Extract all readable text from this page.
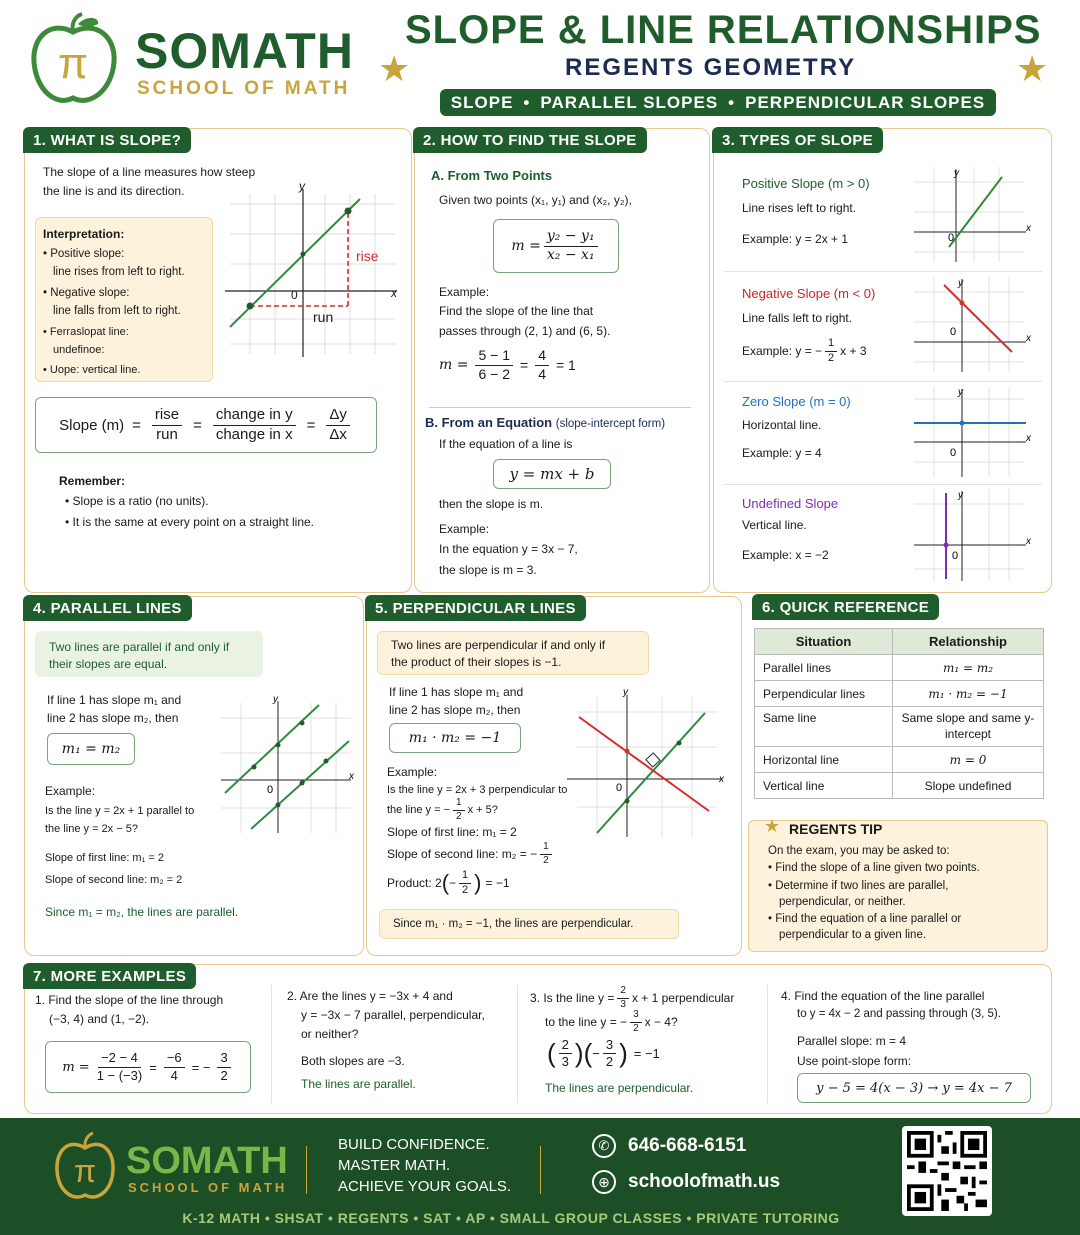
π SOMATH
SCHOOL OF MATH ★	★
SLOPE & LINE RELATIONSHIPS
REGENTS GEOMETRY
SLOPE • PARALLEL SLOPES • PERPENDICULAR SLOPES
1. WHAT IS SLOPE?
The slope of a line measures how steep
the line is and its direction.
Interpretation:
• Positive slope:
line rises from left to right.
• Negative slope:
line falls from left to right.
• Ferraslopat line:
undefinoe:
• Uope: vertical line.
y
x
0
rise
run
Slope $(m) = \frac{\text{rise}}{\text{run}} = \frac{\text{change in y}}{\text{change in x}} = \frac{\Delta y}{\Delta x}$
Remember:
• Slope is a ratio (no units).
• It is the same at every point on a straight line.
2. HOW TO FIND THE SLOPE
A. From Two Points
Given two points (x₁, y₁) and (x₂, y₂),
$m = \frac{\text{y₂ − y₁}}{\text{x₂ − x₁}}$
Example:
Find the slope of the line that
passes through (2, 1) and (6, 5).
$m = \frac{5 - 1}{6 - 2} = \frac{4}{4} = 1$
B. From an Equation (slope-intercept form)
If the equation of a line is
y = mx + b
then the slope is m.
Example:
In the equation y = 3x − 7,
the slope is m = 3.
3. TYPES OF SLOPE
Positive Slope (m > 0)
Line rises left to right.
Example: y = 2x + 1	0
x
y
Negative Slope (m < 0)
Line falls left to right.
Example: y = − $\frac{1}{2}$ x + 3
0
x
y
Zero Slope (m = 0)
Horizontal line.
Example: y = 4	0
x
y
Undefined Slope
Vertical line.
Example: x = −2	0
x
y
4. PARALLEL LINES
Two lines are parallel if and only if
their slopes are equal.
If line 1 has slope m₁ and
line 2 has slope m₂, then
m₁ = m₂
Example:
Is the line y = 2x + 1 parallel to
the line y = 2x − 5?
Slope of first line: m₁ = 2
Slope of second line: m₂ = 2
Since m₁ = m₂, the lines are parallel.
0
x
y
5. PERPENDICULAR LINES
Two lines are perpendicular if and only if
the product of their slopes is −1.
If line 1 has slope m₁ and
line 2 has slope m₂, then
m₁ · m₂ = −1
Example:
Is the line y = 2x + 3 perpendicular to
the line y = − $\frac{1}{2}$ x + 5?
Slope of first line: m₁ = 2
Slope of second line: m₂ = − $\frac{1}{2}$
Product: 2 ( − $\frac{1}{2}$ ) = −1
Since m₁ · m₂ = −1, the lines are perpendicular.
0
x
y
6. QUICK REFERENCE
Situation	Relationship
Parallel lines	m₁ = m₂
Perpendicular lines	m₁ · m₂ = −1
Same line	Same slope and same y-intercept
Horizontal line	m = 0
Vertical line	Slope undefined
★ REGENTS TIP
On the exam, you may be asked to:
• Find the slope of a line given two points.
• Determine if two lines are parallel,
perpendicular, or neither.
• Find the equation of a line parallel or
perpendicular to a given line.
7. MORE EXAMPLES
1. Find the slope of the line through
(−3, 4) and (1, −2).
$m = \frac{-2 - 4}{1 - (-3)} = \frac{-6}{4}$ = − $\frac{3}{2}$
2. Are the lines y = −3x + 4 and
y = −3x − 7 parallel, perpendicular,
or neither?
Both slopes are −3.
The lines are parallel.
3. Is the line $y = \frac{2}{3}$ x + 1 perpendicular
to the line y = − $\frac{3}{2}$ x − 4?
( $\frac{2}{3}$ ) ( − $\frac{3}{2}$ ) = −1
The lines are perpendicular.
4. Find the equation of the line parallel
to y = 4x − 2 and passing through (3, 5).
Parallel slope: m = 4
Use point-slope form:
y − 5 = 4(x − 3) → y = 4x − 7
π SOMATH
SCHOOL OF MATH
BUILD CONFIDENCE.
MASTER MATH.
ACHIEVE YOUR GOALS.
✆ 646-668-6151
⊕ schoolofmath.us
K-12 MATH • SHSAT • REGENTS • SAT • AP • SMALL GROUP CLASSES • PRIVATE TUTORING
